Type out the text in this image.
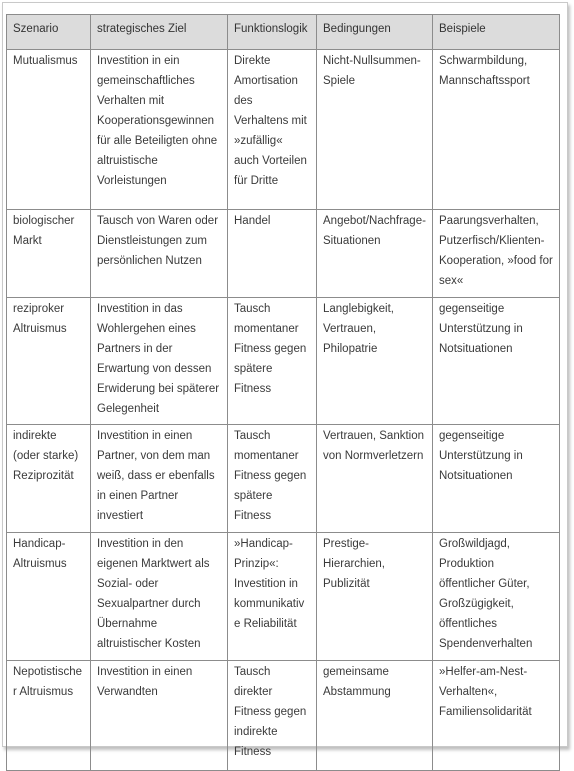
Szenario	strategisches Ziel	Funktionslogik	Bedingungen	Beispiele
Mutualismus	Investition in ein gemeinschaftliches Verhalten mit Kooperationsgewinnen für alle Beteiligten ohne altruistische Vorleistungen	Direkte Amortisation des Verhaltens mit »zufällig« auch Vorteilen für Dritte	Nicht-Nullsummen-Spiele	Schwarmbildung, Mannschaftssport
biologischer Markt	Tausch von Waren oder Dienstleistungen zum persönlichen Nutzen	Handel	Angebot/Nachfrage-Situationen	Paarungsverhalten, Putzerfisch/Klienten-Kooperation, »food for sex«
reziproker Altruismus	Investition in das Wohlergehen eines Partners in der Erwartung von dessen Erwiderung bei späterer Gelegenheit	Tausch momentaner Fitness gegen spätere Fitness	Langlebigkeit, Vertrauen, Philopatrie	gegenseitige Unterstützung in Notsituationen
indirekte (oder starke) Reziprozität	Investition in einen Partner, von dem man weiß, dass er ebenfalls in einen Partner investiert	Tausch momentaner Fitness gegen spätere Fitness	Vertrauen, Sanktion von Normverletzern	gegenseitige Unterstützung in Notsituationen
Handicap-Altruismus	Investition in den eigenen Marktwert als Sozial- oder Sexualpartner durch Übernahme altruistischer Kosten	»Handicap-Prinzip«: Investition in kommunikative Reliabilität	Prestige-Hierarchien, Publizität	Großwildjagd, Produktion öffentlicher Güter, Großzügigkeit, öffentliches Spendenverhalten
Nepotistischer Altruismus	Investition in einen Verwandten	Tausch direkter Fitness gegen indirekte Fitness	gemeinsame Abstammung	»Helfer-am-Nest-Verhalten«, Familiensolidarität
